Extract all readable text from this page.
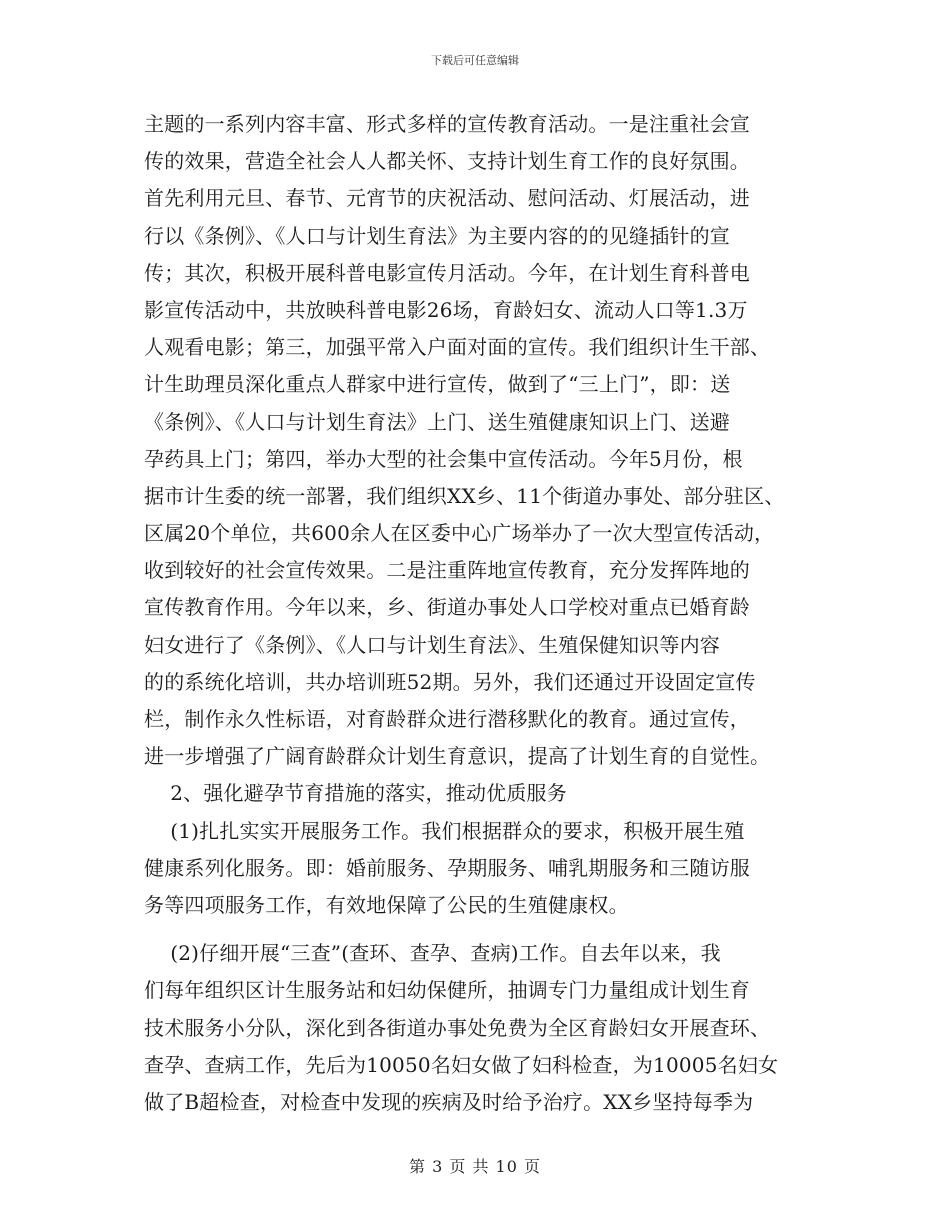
下载后可任意编辑
主题的一系列内容丰富、形式多样的宣传教育活动。一是注重社会宣
传的效果，营造全社会人人都关怀、支持计划生育工作的良好氛围。
首先利用元旦、春节、元宵节的庆祝活动、慰问活动、灯展活动，进
行以《条例》、《人口与计划生育法》为主要内容的的见缝插针的宣
传；其次，积极开展科普电影宣传月活动。今年，在计划生育科普电
影宣传活动中，共放映科普电影26场，育龄妇女、流动人口等1.3万
人观看电影；第三，加强平常入户面对面的宣传。我们组织计生干部、
计生助理员深化重点人群家中进行宣传，做到了“三上门”，即：送
《条例》、《人口与计划生育法》上门、送生殖健康知识上门、送避
孕药具上门；第四，举办大型的社会集中宣传活动。今年5月份，根
据市计生委的统一部署，我们组织XX乡、11个街道办事处、部分驻区、
区属20个单位，共600余人在区委中心广场举办了一次大型宣传活动，
收到较好的社会宣传效果。二是注重阵地宣传教育，充分发挥阵地的
宣传教育作用。今年以来，乡、街道办事处人口学校对重点已婚育龄
妇女进行了《条例》、《人口与计划生育法》、生殖保健知识等内容
的的系统化培训，共办培训班52期。另外，我们还通过开设固定宣传
栏，制作永久性标语，对育龄群众进行潜移默化的教育。通过宣传，
进一步增强了广阔育龄群众计划生育意识，提高了计划生育的自觉性。
2、强化避孕节育措施的落实，推动优质服务
(1)扎扎实实开展服务工作。我们根据群众的要求，积极开展生殖
健康系列化服务。即：婚前服务、孕期服务、哺乳期服务和三随访服
务等四项服务工作，有效地保障了公民的生殖健康权。
(2)仔细开展“三查”(查环、查孕、查病)工作。自去年以来，我
们每年组织区计生服务站和妇幼保健所，抽调专门力量组成计划生育
技术服务小分队，深化到各街道办事处免费为全区育龄妇女开展查环、
查孕、查病工作，先后为10050名妇女做了妇科检查，为10005名妇女
做了B超检查，对检查中发现的疾病及时给予治疗。XX乡坚持每季为
第 3 页 共 10 页
